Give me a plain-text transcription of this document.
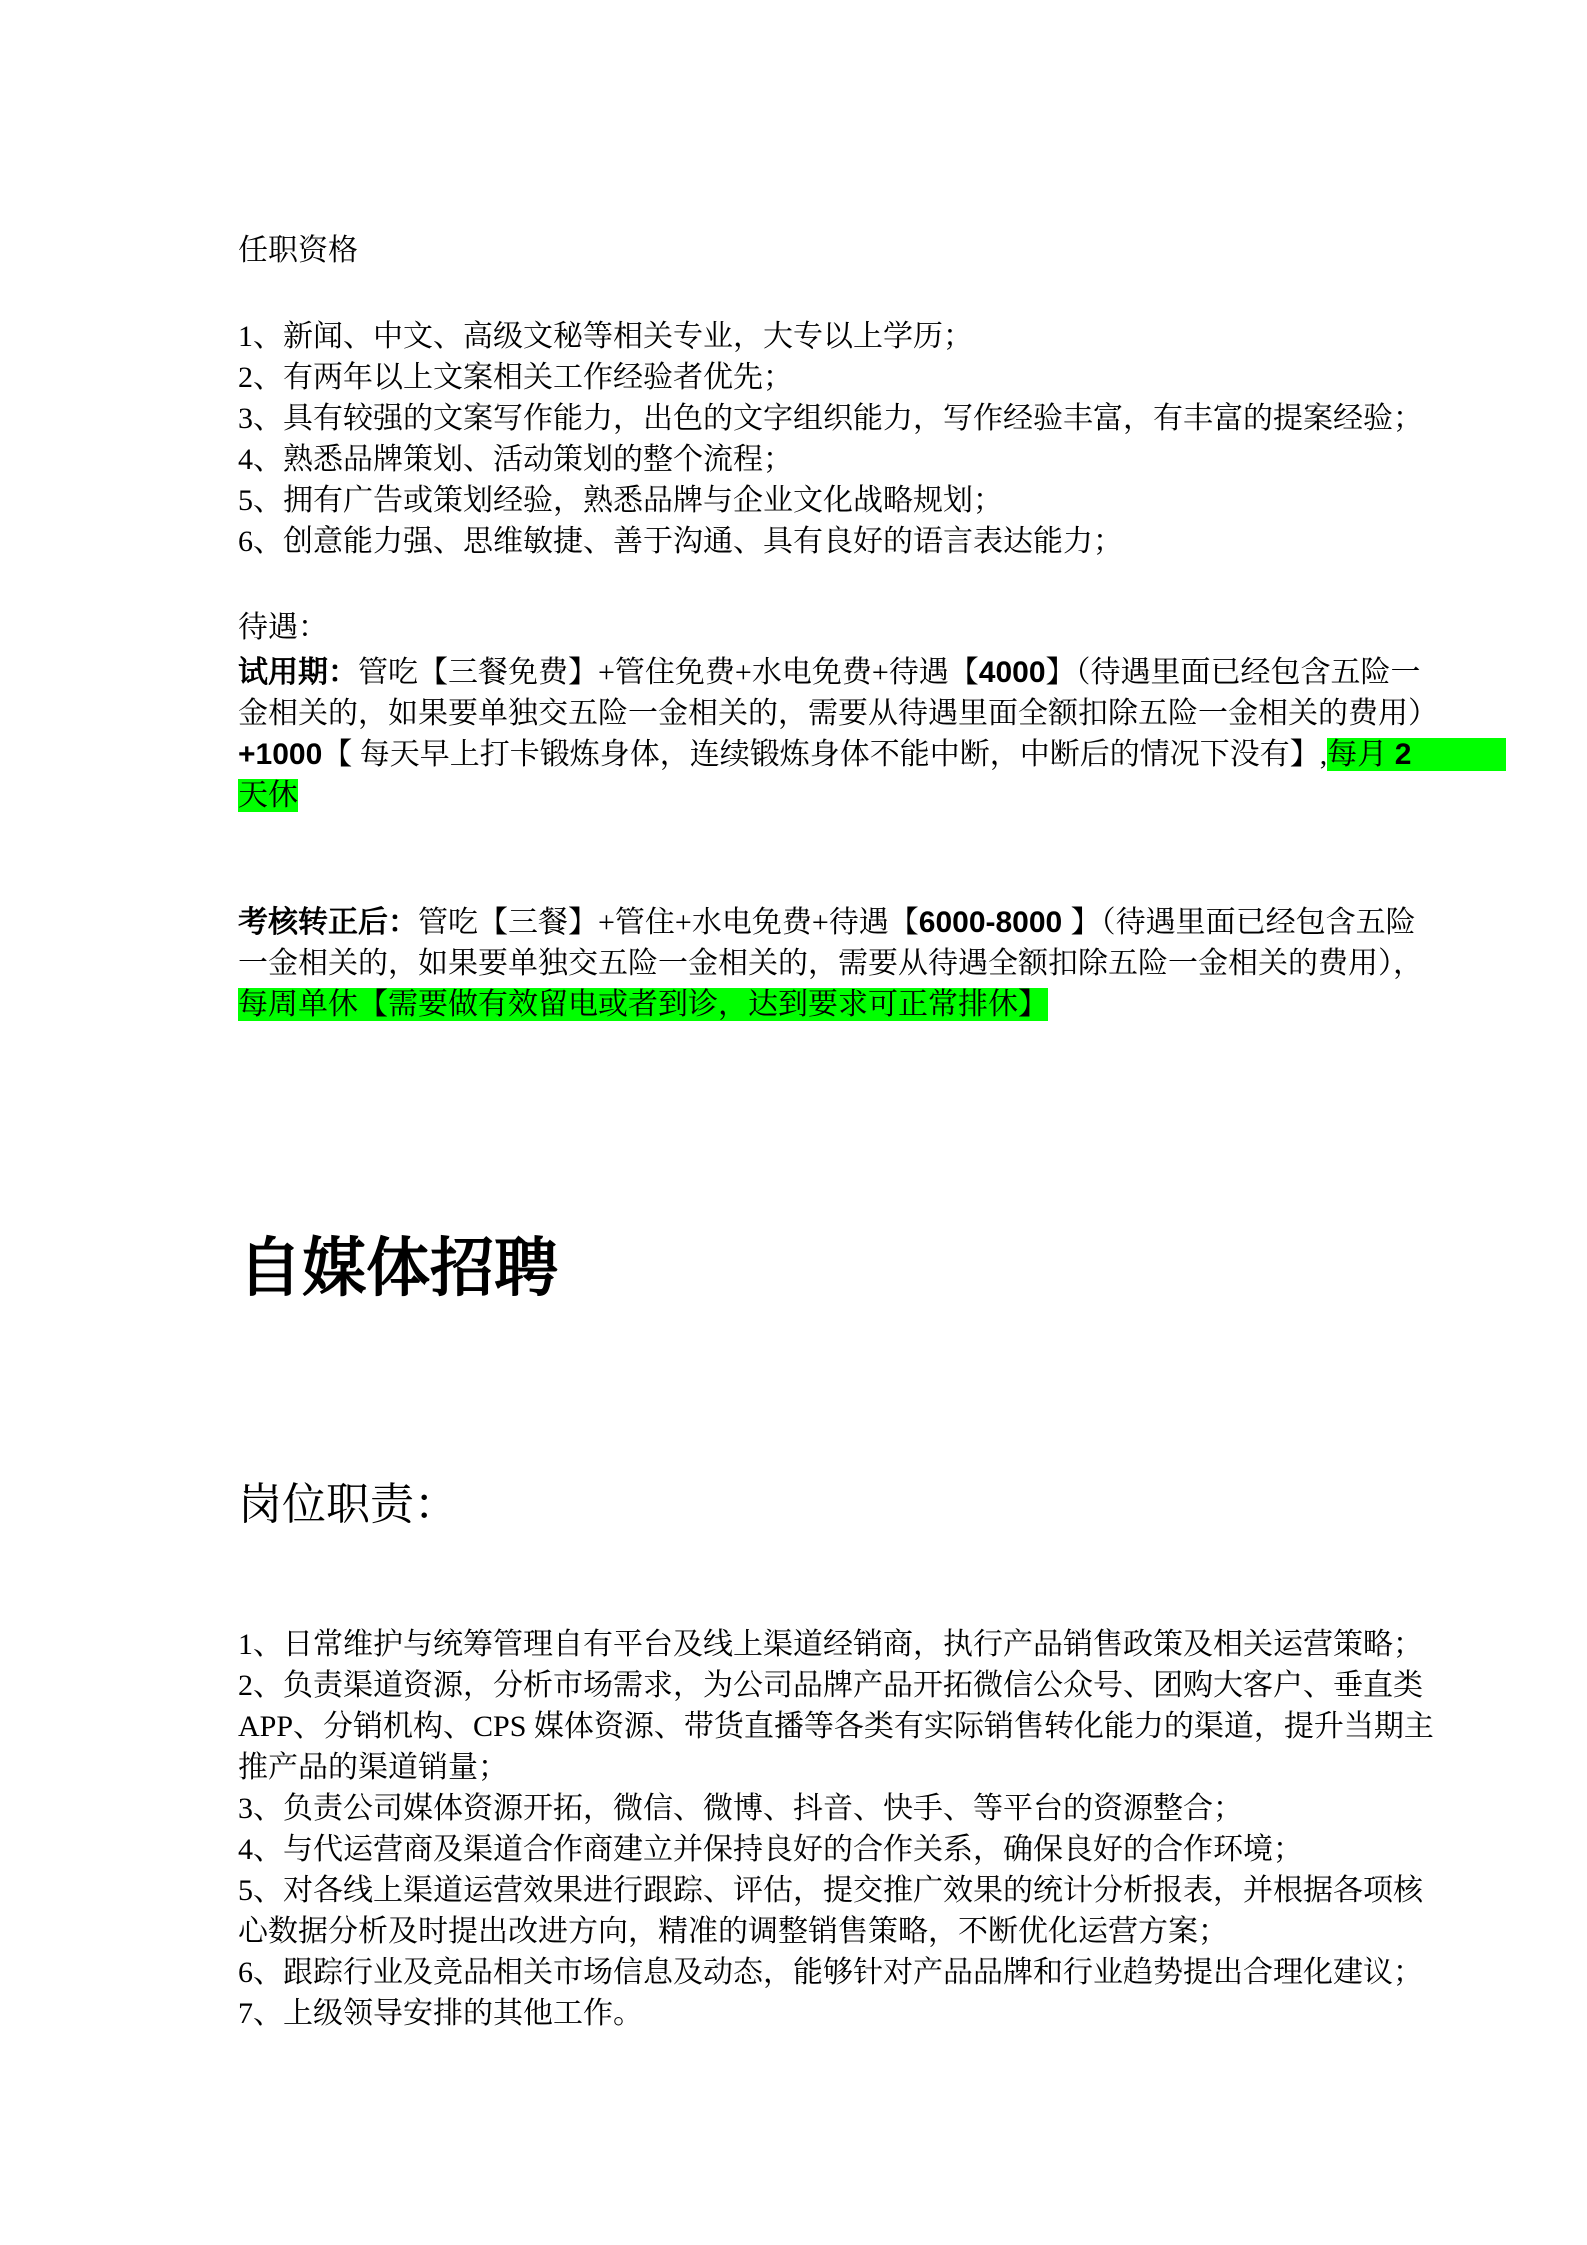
任职资格
1、新闻、中文、高级文秘等相关专业，大专以上学历；
2、有两年以上文案相关工作经验者优先；
3、具有较强的文案写作能力，出色的文字组织能力，写作经验丰富，有丰富的提案经验；
4、熟悉品牌策划、活动策划的整个流程；
5、拥有广告或策划经验，熟悉品牌与企业文化战略规划；
6、创意能力强、思维敏捷、善于沟通、具有良好的语言表达能力；
待遇：
试用期：管吃【三餐免费】+管住免费+水电免费+待遇【4000】（待遇里面已经包含五险一
金相关的，如果要单独交五险一金相关的，需要从待遇里面全额扣除五险一金相关的费用）
+1000【 每天早上打卡锻炼身体，连续锻炼身体不能中断，中断后的情况下没有】,每月 2
天休
考核转正后：管吃【三餐】+管住+水电免费+待遇【6000-8000 】（待遇里面已经包含五险
一金相关的，如果要单独交五险一金相关的，需要从待遇全额扣除五险一金相关的费用），
每周单休【需要做有效留电或者到诊，达到要求可正常排休】
自媒体招聘
岗位职责：
1、日常维护与统筹管理自有平台及线上渠道经销商，执行产品销售政策及相关运营策略；
2、负责渠道资源，分析市场需求，为公司品牌产品开拓微信公众号、团购大客户、垂直类
APP、分销机构、CPS 媒体资源、带货直播等各类有实际销售转化能力的渠道，提升当期主
推产品的渠道销量；
3、负责公司媒体资源开拓，微信、微博、抖音、快手、等平台的资源整合；
4、与代运营商及渠道合作商建立并保持良好的合作关系，确保良好的合作环境；
5、对各线上渠道运营效果进行跟踪、评估，提交推广效果的统计分析报表，并根据各项核
心数据分析及时提出改进方向，精准的调整销售策略，不断优化运营方案；
6、跟踪行业及竞品相关市场信息及动态，能够针对产品品牌和行业趋势提出合理化建议；
7、上级领导安排的其他工作。
